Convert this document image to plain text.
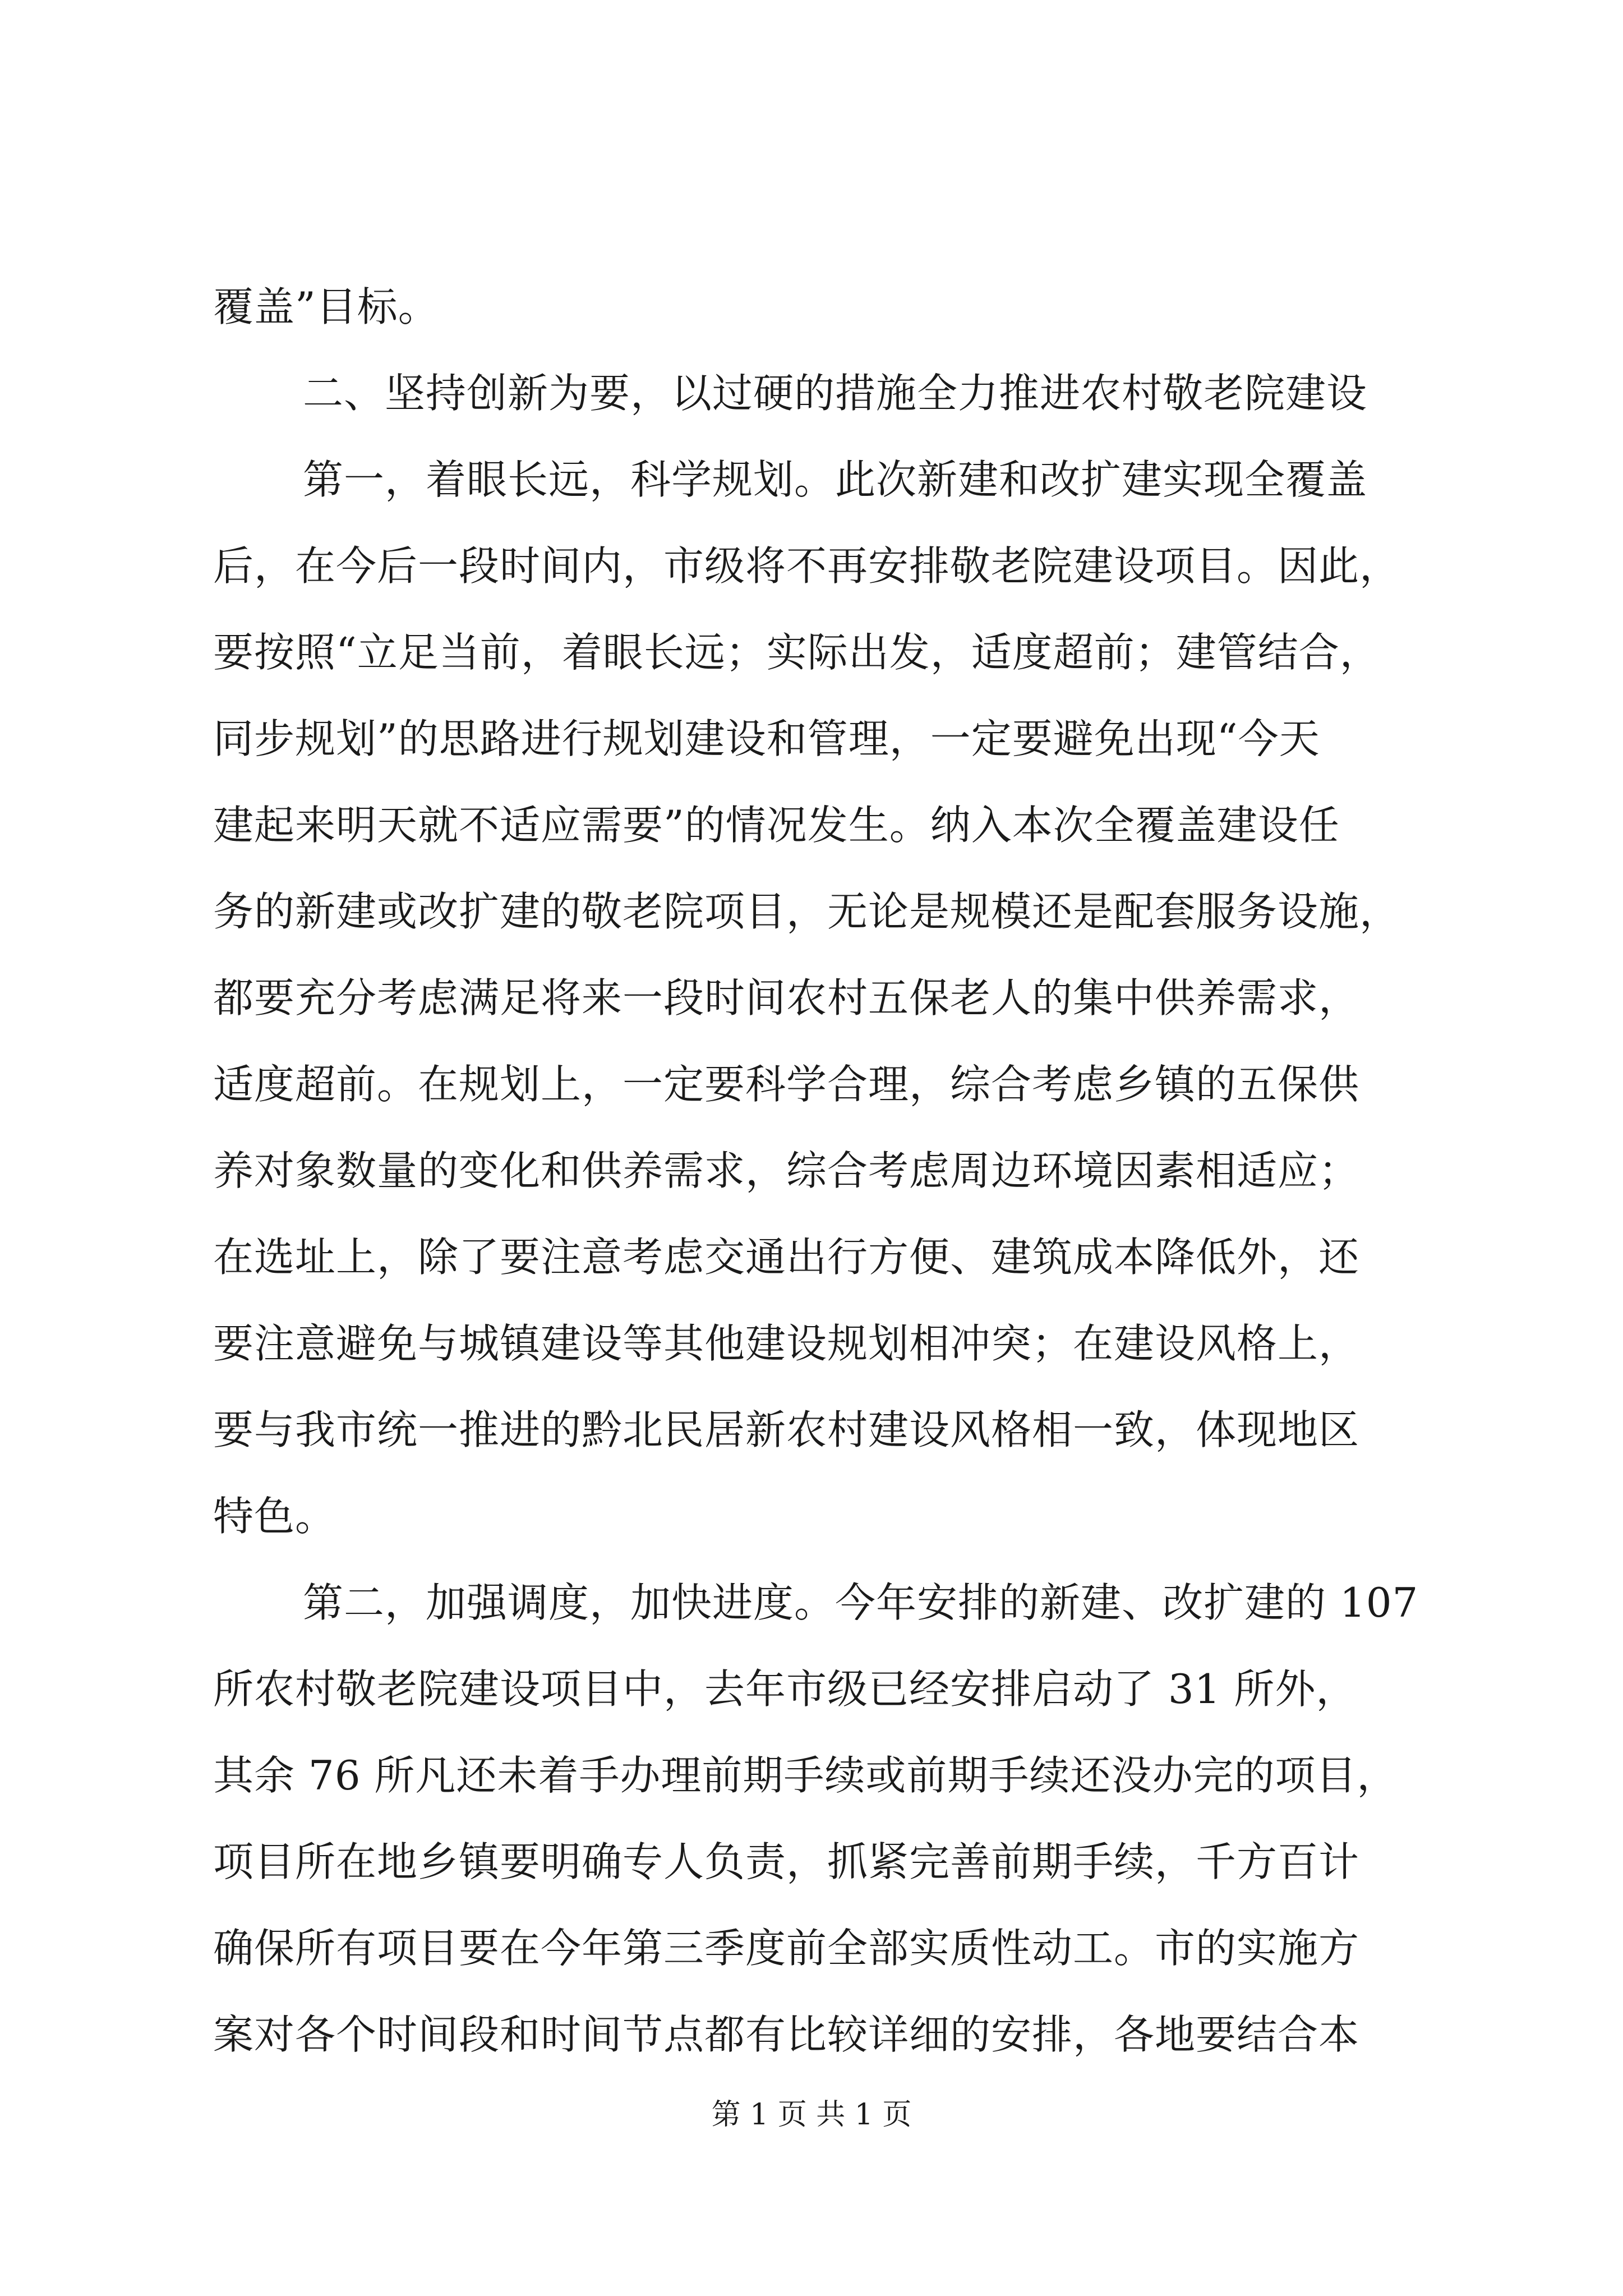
覆盖”目标。
二、坚持创新为要，以过硬的措施全力推进农村敬老院建设
第一，着眼长远，科学规划。此次新建和改扩建实现全覆盖
后，在今后一段时间内，市级将不再安排敬老院建设项目。因此，
要按照“立足当前，着眼长远；实际出发，适度超前；建管结合，
同步规划”的思路进行规划建设和管理，一定要避免出现“今天
建起来明天就不适应需要”的情况发生。纳入本次全覆盖建设任
务的新建或改扩建的敬老院项目，无论是规模还是配套服务设施，
都要充分考虑满足将来一段时间农村五保老人的集中供养需求，
适度超前。在规划上，一定要科学合理，综合考虑乡镇的五保供
养对象数量的变化和供养需求，综合考虑周边环境因素相适应；
在选址上，除了要注意考虑交通出行方便、建筑成本降低外，还
要注意避免与城镇建设等其他建设规划相冲突；在建设风格上，
要与我市统一推进的黔北民居新农村建设风格相一致，体现地区
特色。
第二，加强调度，加快进度。今年安排的新建、改扩建的 107
所农村敬老院建设项目中，去年市级已经安排启动了 31 所外，
其余 76 所凡还未着手办理前期手续或前期手续还没办完的项目，
项目所在地乡镇要明确专人负责，抓紧完善前期手续，千方百计
确保所有项目要在今年第三季度前全部实质性动工。市的实施方
案对各个时间段和时间节点都有比较详细的安排，各地要结合本
第 1 页 共 1 页
